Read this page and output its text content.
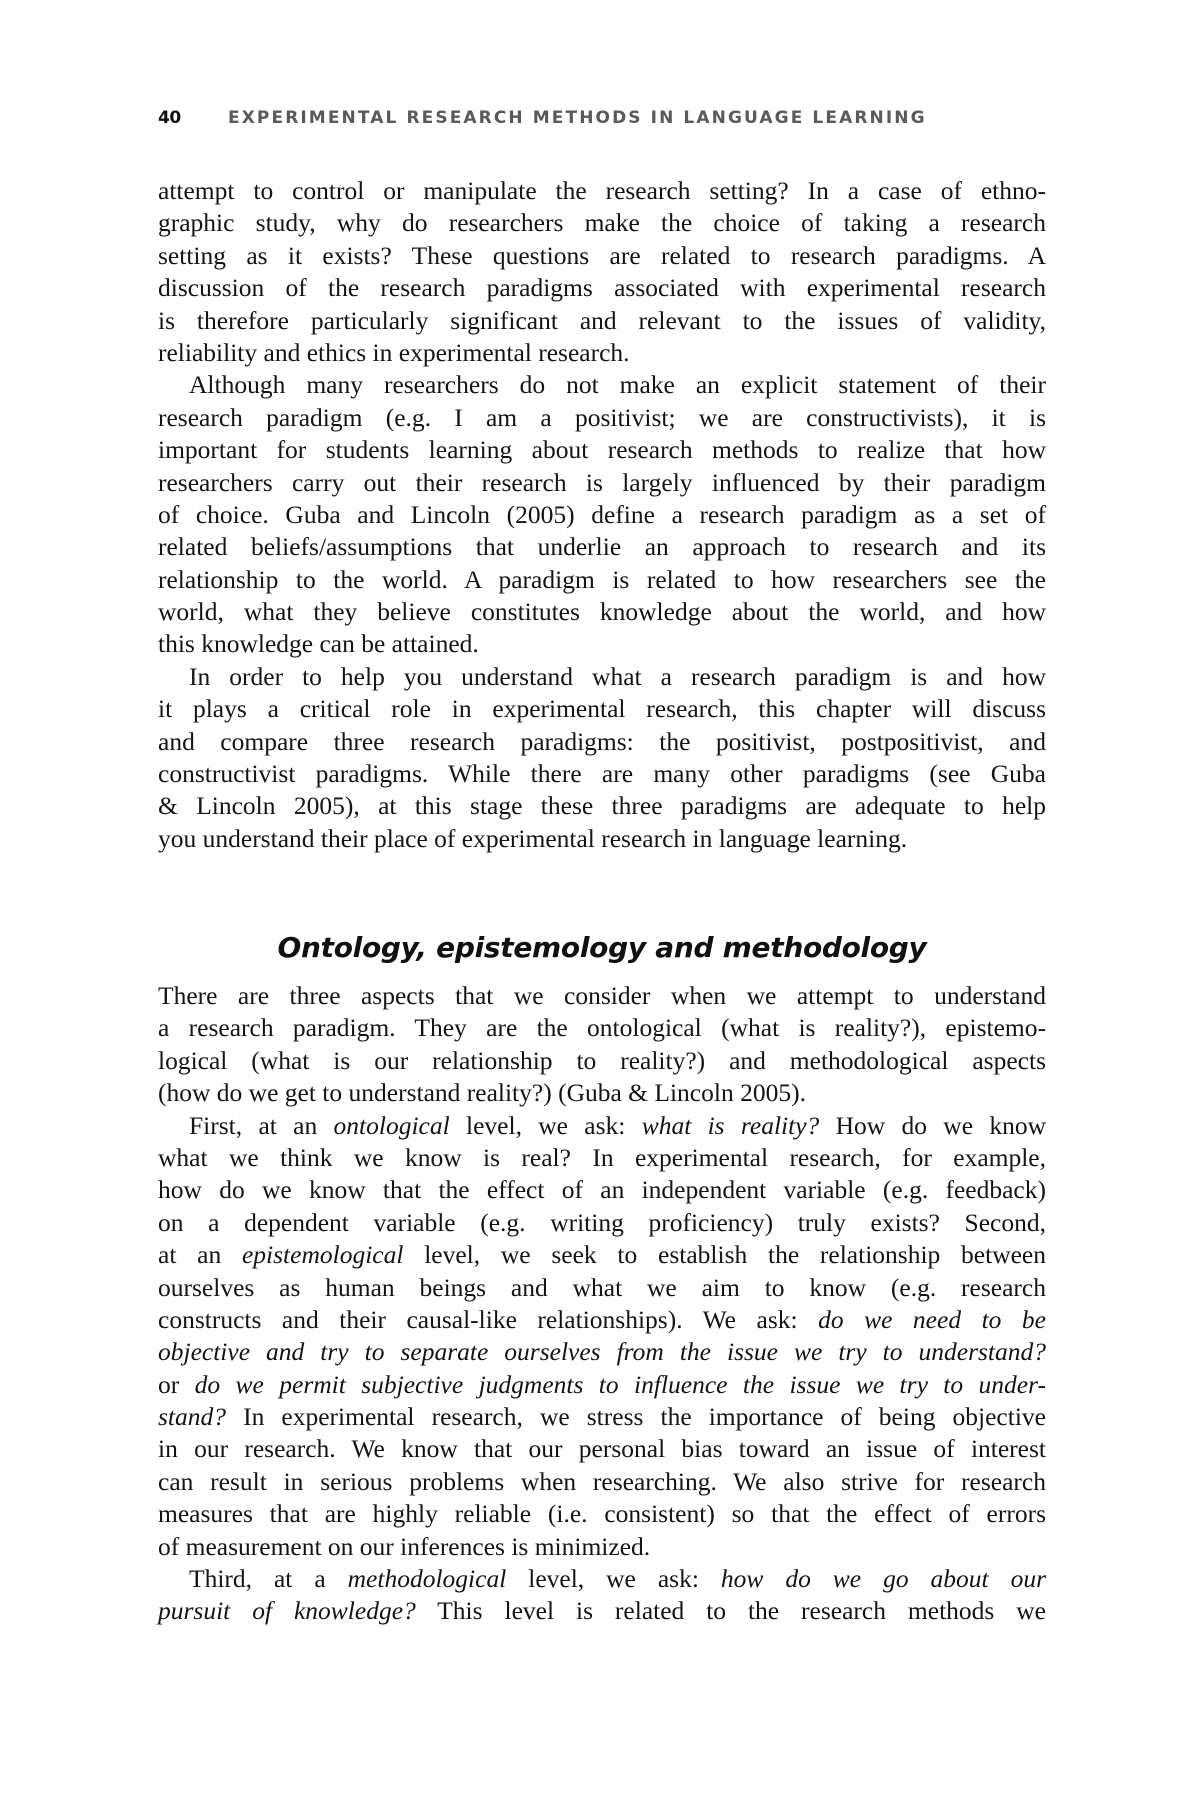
40	EXPERIMENTAL RESEARCH METHODS IN LANGUAGE LEARNING
attempt to control or manipulate the research setting? In a case of ethno-
graphic study, why do researchers make the choice of taking a research
setting as it exists? These questions are related to research paradigms. A
discussion of the research paradigms associated with experimental research
is therefore particularly significant and relevant to the issues of validity,
reliability and ethics in experimental research.
Although many researchers do not make an explicit statement of their
research paradigm (e.g. I am a positivist; we are constructivists), it is
important for students learning about research methods to realize that how
researchers carry out their research is largely influenced by their paradigm
of choice. Guba and Lincoln (2005) define a research paradigm as a set of
related beliefs/assumptions that underlie an approach to research and its
relationship to the world. A paradigm is related to how researchers see the
world, what they believe constitutes knowledge about the world, and how
this knowledge can be attained.
In order to help you understand what a research paradigm is and how
it plays a critical role in experimental research, this chapter will discuss
and compare three research paradigms: the positivist, postpositivist, and
constructivist paradigms. While there are many other paradigms (see Guba
& Lincoln 2005), at this stage these three paradigms are adequate to help
you understand their place of experimental research in language learning.
Ontology, epistemology and methodology
There are three aspects that we consider when we attempt to understand
a research paradigm. They are the ontological (what is reality?), epistemo-
logical (what is our relationship to reality?) and methodological aspects
(how do we get to understand reality?) (Guba & Lincoln 2005).
First, at an ontological level, we ask: what is reality? How do we know
what we think we know is real? In experimental research, for example,
how do we know that the effect of an independent variable (e.g. feedback)
on a dependent variable (e.g. writing proficiency) truly exists? Second,
at an epistemological level, we seek to establish the relationship between
ourselves as human beings and what we aim to know (e.g. research
constructs and their causal-like relationships). We ask: do we need to be
objective and try to separate ourselves from the issue we try to understand?
or do we permit subjective judgments to influence the issue we try to under-
stand? In experimental research, we stress the importance of being objective
in our research. We know that our personal bias toward an issue of interest
can result in serious problems when researching. We also strive for research
measures that are highly reliable (i.e. consistent) so that the effect of errors
of measurement on our inferences is minimized.
Third, at a methodological level, we ask: how do we go about our
pursuit of knowledge? This level is related to the research methods we
